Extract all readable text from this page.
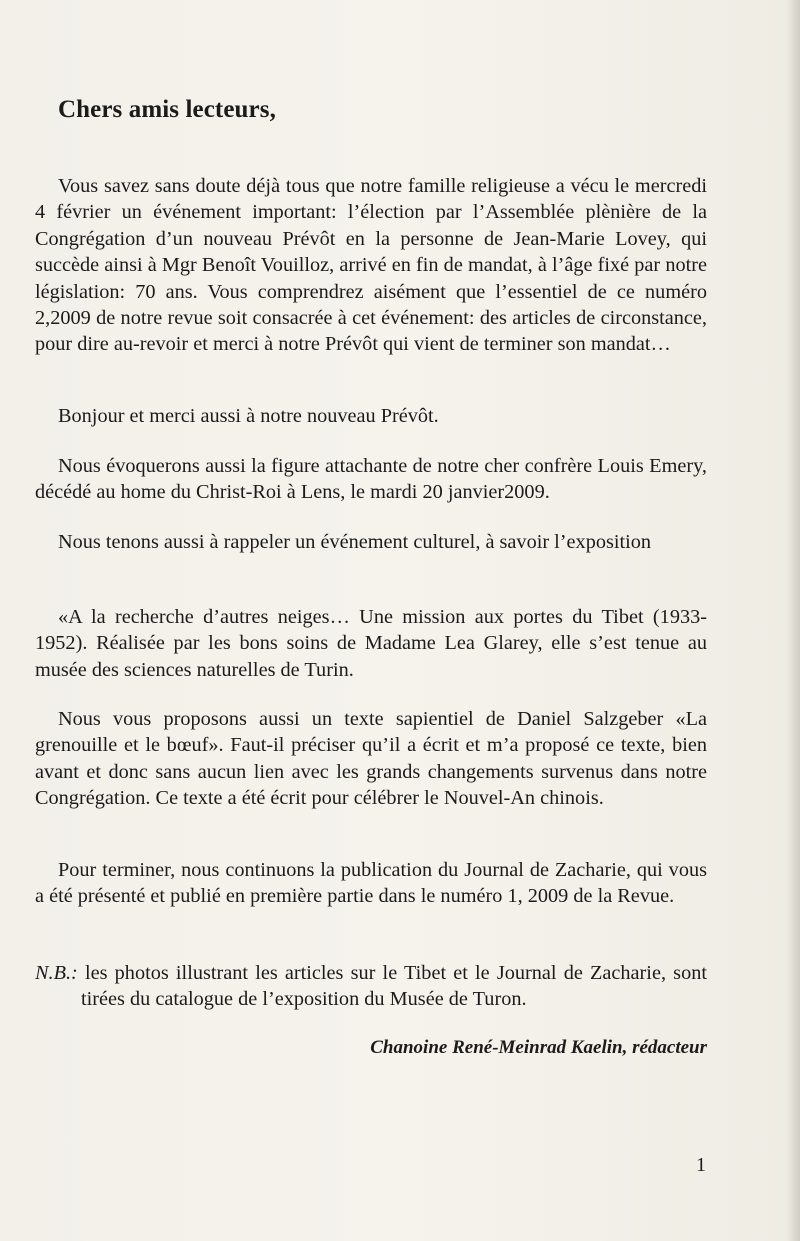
Chers amis lecteurs,

Vous savez sans doute déjà tous que notre famille religieuse a vécu le mercredi 4 février un événement important: l’élection par l’Assemblée plènière de la Congrégation d’un nouveau Prévôt en la personne de Jean-Marie Lovey, qui succède ainsi à Mgr Benoît Vouilloz, arrivé en fin de mandat, à l’âge fixé par notre législation: 70 ans. Vous comprendrez aisément que l’essentiel de ce numéro 2,2009 de notre revue soit consacrée à cet événement: des articles de circonstance, pour dire au-revoir et merci à notre Prévôt qui vient de terminer son mandat…

Bonjour et merci aussi à notre nouveau Prévôt.

Nous évoquerons aussi la figure attachante de notre cher confrère Louis Emery, décédé au home du Christ-Roi à Lens, le mardi 20 janvier2009.

Nous tenons aussi à rappeler un événement culturel, à savoir l’exposition

«A la recherche d’autres neiges… Une mission aux portes du Tibet (1933-1952). Réalisée par les bons soins de Madame Lea Glarey, elle s’est tenue au musée des sciences naturelles de Turin.

Nous vous proposons aussi un texte sapientiel de Daniel Salzgeber «La grenouille et le bœuf». Faut-il préciser qu’il a écrit et m’a proposé ce texte, bien avant et donc sans aucun lien avec les grands changements survenus dans notre Congrégation. Ce texte a été écrit pour célébrer le Nouvel-An chinois.

Pour terminer, nous continuons la publication du Journal de Zacharie, qui vous a été présenté et publié en première partie dans le numéro 1, 2009 de la Revue.

N.B.: les photos illustrant les articles sur le Tibet et le Journal de Zacharie, sont tirées du catalogue de l’exposition du Musée de Turon.

Chanoine René-Meinrad Kaelin, rédacteur
1
